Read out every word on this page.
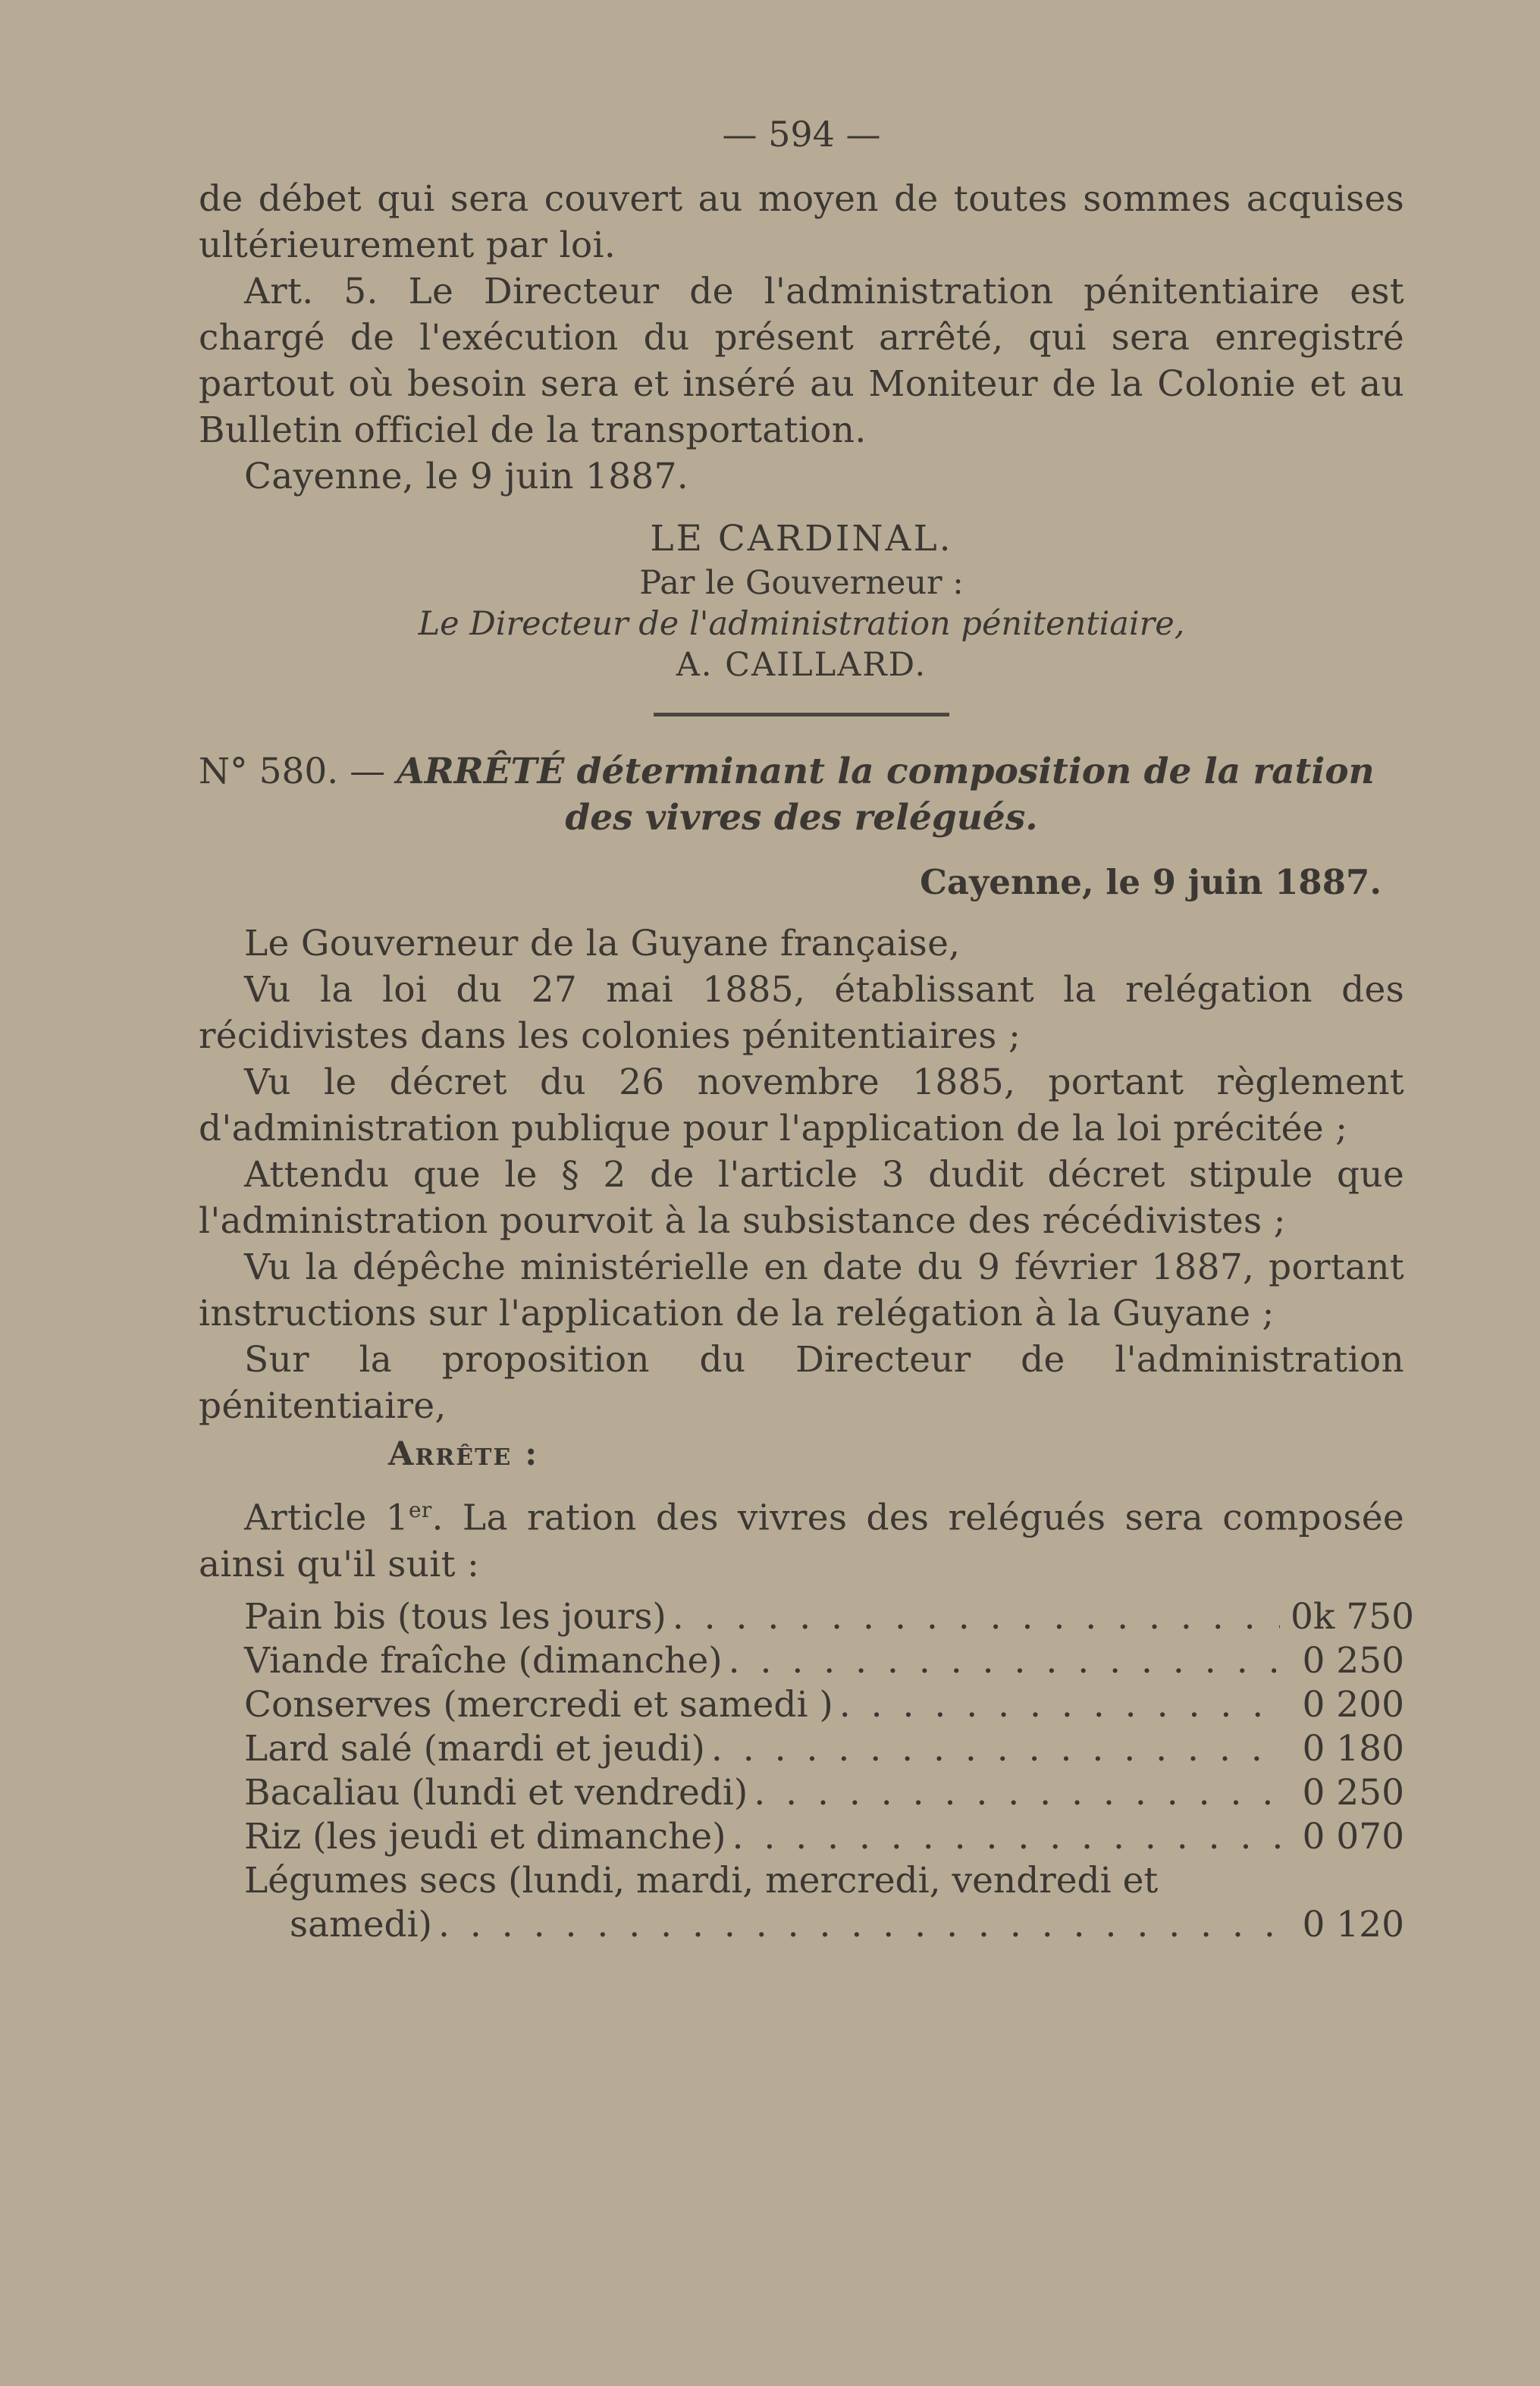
— 594 —

de débet qui sera couvert au moyen de toutes sommes acquises ultérieurement par loi.

Art. 5. Le Directeur de l'administration pénitentiaire est chargé de l'exécution du présent arrêté, qui sera enregistré partout où besoin sera et inséré au Moniteur de la Colonie et au Bulletin officiel de la transportation.

Cayenne, le 9 juin 1887.

LE CARDINAL.
Par le Gouverneur :
Le Directeur de l'administration pénitentiaire,
A. CAILLARD.

N° 580. — ARRÊTÉ déterminant la composition de la ration

des vivres des relégués.

Cayenne, le 9 juin 1887.

Le Gouverneur de la Guyane française,

Vu la loi du 27 mai 1885, établissant la relégation des récidivistes dans les colonies pénitentiaires ;

Vu le décret du 26 novembre 1885, portant règlement d'administration publique pour l'application de la loi précitée ;

Attendu que le § 2 de l'article 3 dudit décret stipule que l'administration pourvoit à la subsistance des récédivistes ;

Vu la dépêche ministérielle en date du 9 février 1887, portant instructions sur l'application de la relégation à la Guyane ;

Sur la proposition du Directeur de l'administration pénitentiaire,

Arrête :

Article 1er. La ration des vivres des relégués sera composée ainsi qu'il suit :

Pain bis (tous les jours) . . .	0k 750
Viande fraîche (dimanche) . . .	0 250
Conserves (mercredi et samedi ) . . .	0 200
Lard salé (mardi et jeudi) . . .	0 180
Bacaliau (lundi et vendredi) . . .	0 250
Riz (les jeudi et dimanche) . . .	0 070
Légumes secs (lundi, mardi, mercredi, vendredi et
samedi) . . .	0 120
